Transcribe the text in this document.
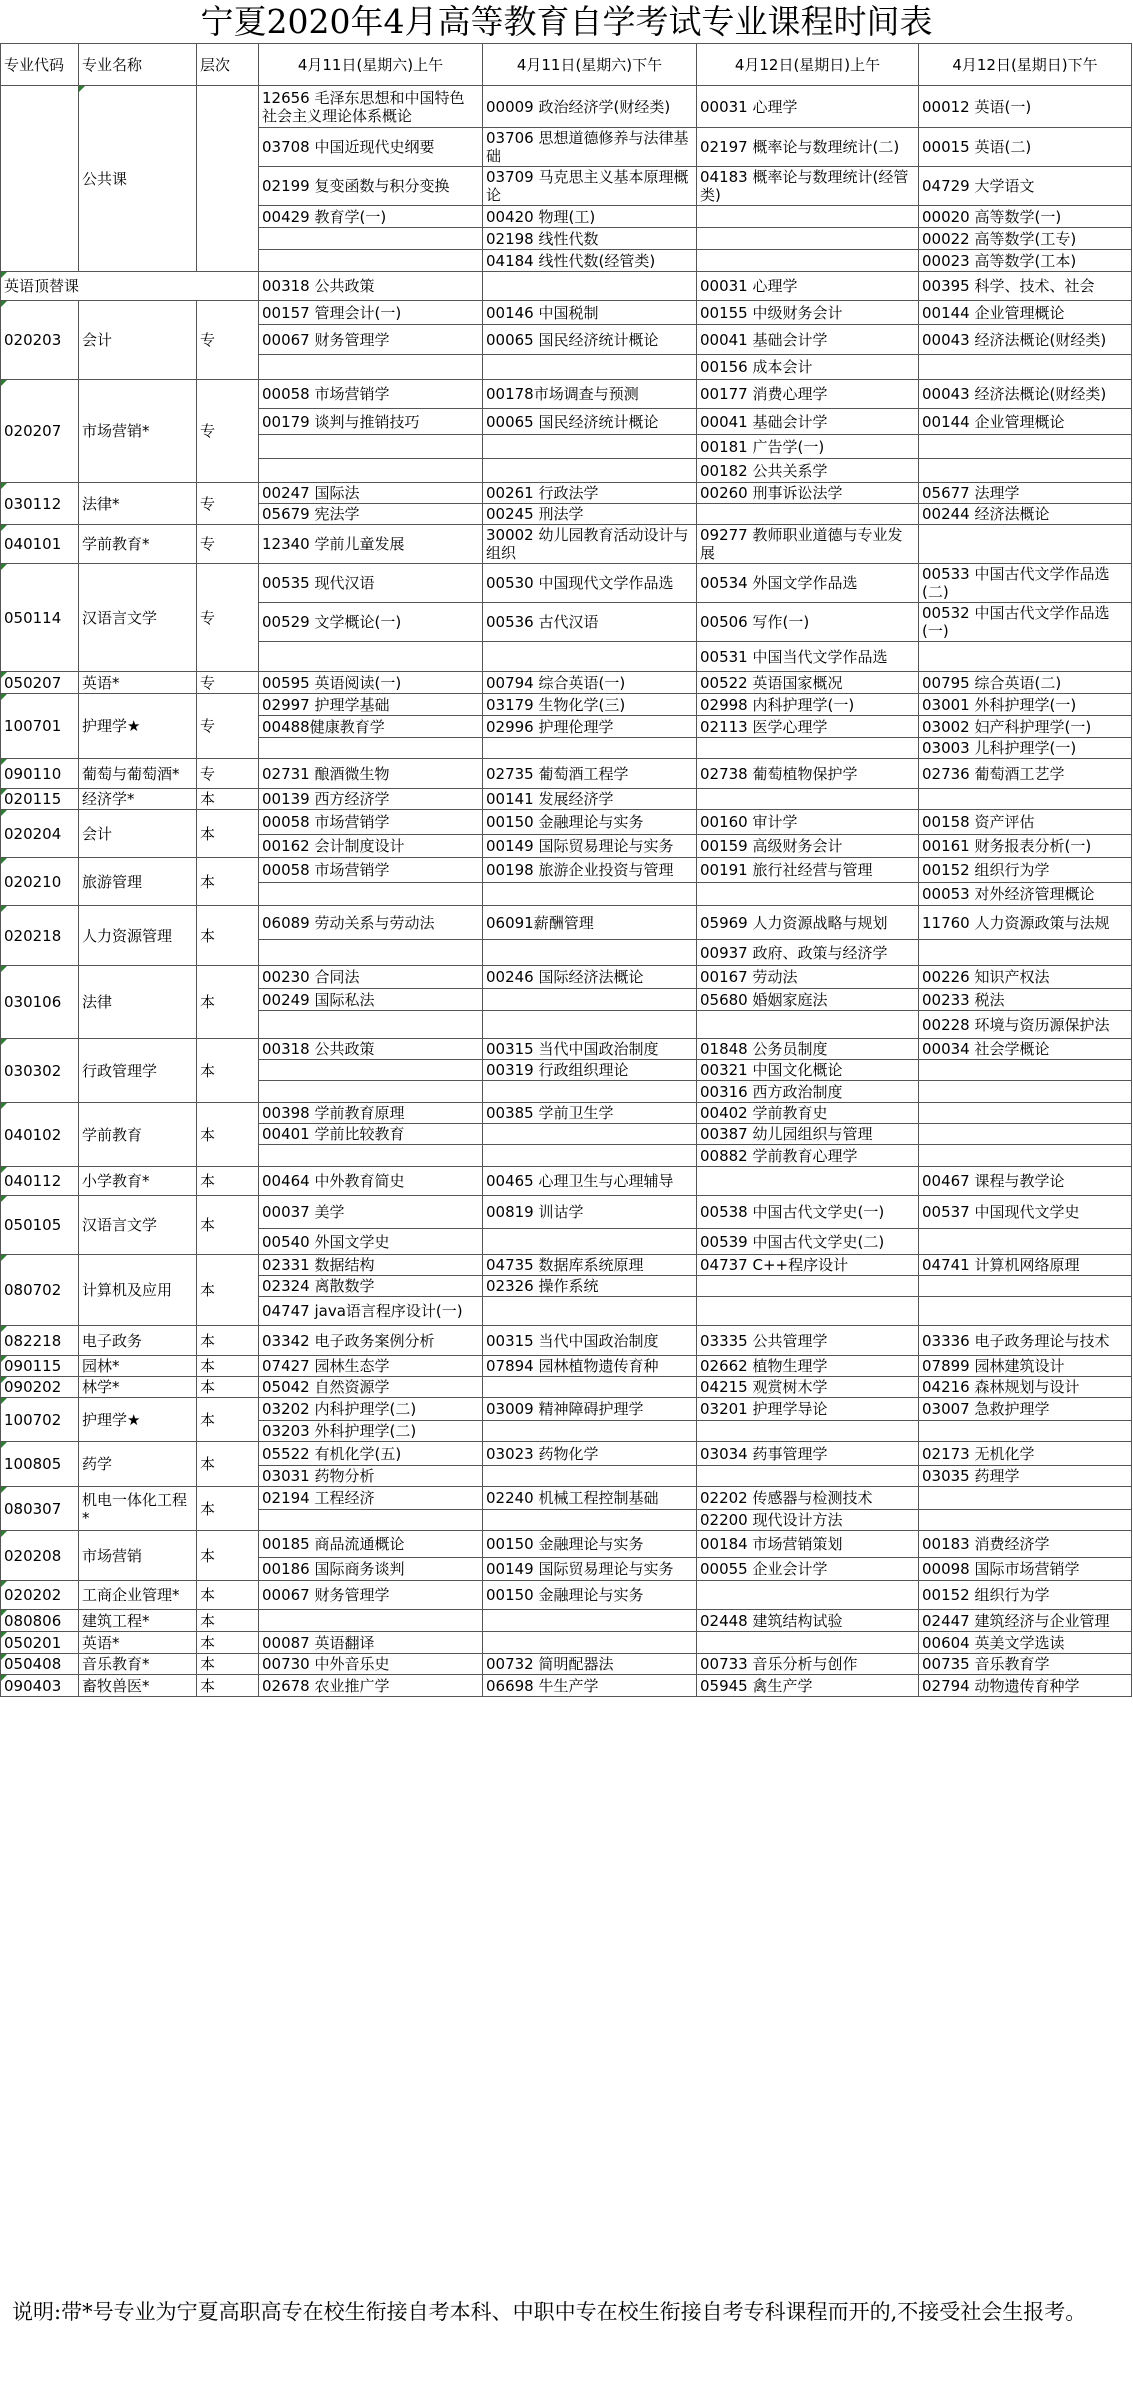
宁夏2020年4月高等教育自学考试专业课程时间表
专业代码	专业名称	层次	4月11日(星期六)上午	4月11日(星期六)下午	4月12日(星期日)上午	4月12日(星期日)下午
	公共课		12656 毛泽东思想和中国特色社会主义理论体系概论	00009 政治经济学(财经类)	00031 心理学	00012 英语(一)
			03708 中国近现代史纲要	03706 思想道德修养与法律基础	02197 概率论与数理统计(二)	00015 英语(二)
			02199 复变函数与积分变换	03709 马克思主义基本原理概论	04183 概率论与数理统计(经管类)	04729 大学语文
			00429 教育学(一)	00420 物理(工)		00020 高等数学(一)
				02198 线性代数		00022 高等数学(工专)
				04184 线性代数(经管类)		00023 高等数学(工本)
英语顶替课			00318 公共政策		00031 心理学	00395 科学、技术、社会
020203	会计	专	00157 管理会计(一)	00146 中国税制	00155 中级财务会计	00144 企业管理概论
			00067 财务管理学	00065 国民经济统计概论	00041 基础会计学	00043 经济法概论(财经类)
					00156 成本会计	
020207	市场营销*	专	00058 市场营销学	00178市场调查与预测	00177 消费心理学	00043 经济法概论(财经类)
			00179 谈判与推销技巧	00065 国民经济统计概论	00041 基础会计学	00144 企业管理概论
					00181 广告学(一)	
					00182 公共关系学	
030112	法律*	专	00247 国际法	00261 行政法学	00260 刑事诉讼法学	05677 法理学
			05679 宪法学	00245 刑法学		00244 经济法概论
040101	学前教育*	专	12340 学前儿童发展	30002 幼儿园教育活动设计与组织	09277 教师职业道德与专业发展	
050114	汉语言文学	专	00535 现代汉语	00530 中国现代文学作品选	00534 外国文学作品选	00533 中国古代文学作品选(二)
			00529 文学概论(一)	00536 古代汉语	00506 写作(一)	00532 中国古代文学作品选(一)
					00531 中国当代文学作品选	
050207	英语*	专	00595 英语阅读(一)	00794 综合英语(一)	00522 英语国家概况	00795 综合英语(二)
100701	护理学★	专	02997 护理学基础	03179 生物化学(三)	02998 内科护理学(一)	03001 外科护理学(一)
			00488健康教育学	02996 护理伦理学	02113 医学心理学	03002 妇产科护理学(一)
						03003 儿科护理学(一)
090110	葡萄与葡萄酒*	专	02731 酿酒微生物	02735 葡萄酒工程学	02738 葡萄植物保护学	02736 葡萄酒工艺学
020115	经济学*	本	00139 西方经济学	00141 发展经济学		
020204	会计	本	00058 市场营销学	00150 金融理论与实务	00160 审计学	00158 资产评估
			00162 会计制度设计	00149 国际贸易理论与实务	00159 高级财务会计	00161 财务报表分析(一)
020210	旅游管理	本	00058 市场营销学	00198 旅游企业投资与管理	00191 旅行社经营与管理	00152 组织行为学
						00053 对外经济管理概论
020218	人力资源管理	本	06089 劳动关系与劳动法	06091薪酬管理	05969 人力资源战略与规划	11760 人力资源政策与法规
					00937 政府、政策与经济学	
030106	法律	本	00230 合同法	00246 国际经济法概论	00167 劳动法	00226 知识产权法
			00249 国际私法		05680 婚姻家庭法	00233 税法
						00228 环境与资历源保护法
030302	行政管理学	本	00318 公共政策	00315 当代中国政治制度	01848 公务员制度	00034 社会学概论
				00319 行政组织理论	00321 中国文化概论	
					00316 西方政治制度	
040102	学前教育	本	00398 学前教育原理	00385 学前卫生学	00402 学前教育史	
			00401 学前比较教育		00387 幼儿园组织与管理	
					00882 学前教育心理学	
040112	小学教育*	本	00464 中外教育简史	00465 心理卫生与心理辅导		00467 课程与教学论
050105	汉语言文学	本	00037 美学	00819 训诂学	00538 中国古代文学史(一)	00537 中国现代文学史
			00540 外国文学史		00539 中国古代文学史(二)	
080702	计算机及应用	本	02331 数据结构	04735 数据库系统原理	04737 C++程序设计	04741 计算机网络原理
			02324 离散数学	02326 操作系统		
			04747 java语言程序设计(一)			
082218	电子政务	本	03342 电子政务案例分析	00315 当代中国政治制度	03335 公共管理学	03336 电子政务理论与技术
090115	园林*	本	07427 园林生态学	07894 园林植物遗传育种	02662 植物生理学	07899 园林建筑设计
090202	林学*	本	05042 自然资源学		04215 观赏树木学	04216 森林规划与设计
100702	护理学★	本	03202 内科护理学(二)	03009 精神障碍护理学	03201 护理学导论	03007 急救护理学
			03203 外科护理学(二)			
100805	药学	本	05522 有机化学(五)	03023 药物化学	03034 药事管理学	02173 无机化学
			03031 药物分析			03035 药理学
080307	机电一体化工程*	本	02194 工程经济	02240 机械工程控制基础	02202 传感器与检测技术	
					02200 现代设计方法	
020208	市场营销	本	00185 商品流通概论	00150 金融理论与实务	00184 市场营销策划	00183 消费经济学
			00186 国际商务谈判	00149 国际贸易理论与实务	00055 企业会计学	00098 国际市场营销学
020202	工商企业管理*	本	00067 财务管理学	00150 金融理论与实务		00152 组织行为学
080806	建筑工程*	本			02448 建筑结构试验	02447 建筑经济与企业管理
050201	英语*	本	00087 英语翻译			00604 英美文学选读
050408	音乐教育*	本	00730 中外音乐史	00732 简明配器法	00733 音乐分析与创作	00735 音乐教育学
090403	畜牧兽医*	本	02678 农业推广学	06698 牛生产学	05945 禽生产学	02794 动物遗传育种学
说明:带*号专业为宁夏高职高专在校生衔接自考本科、中职中专在校生衔接自考专科课程而开的,不接受社会生报考。
